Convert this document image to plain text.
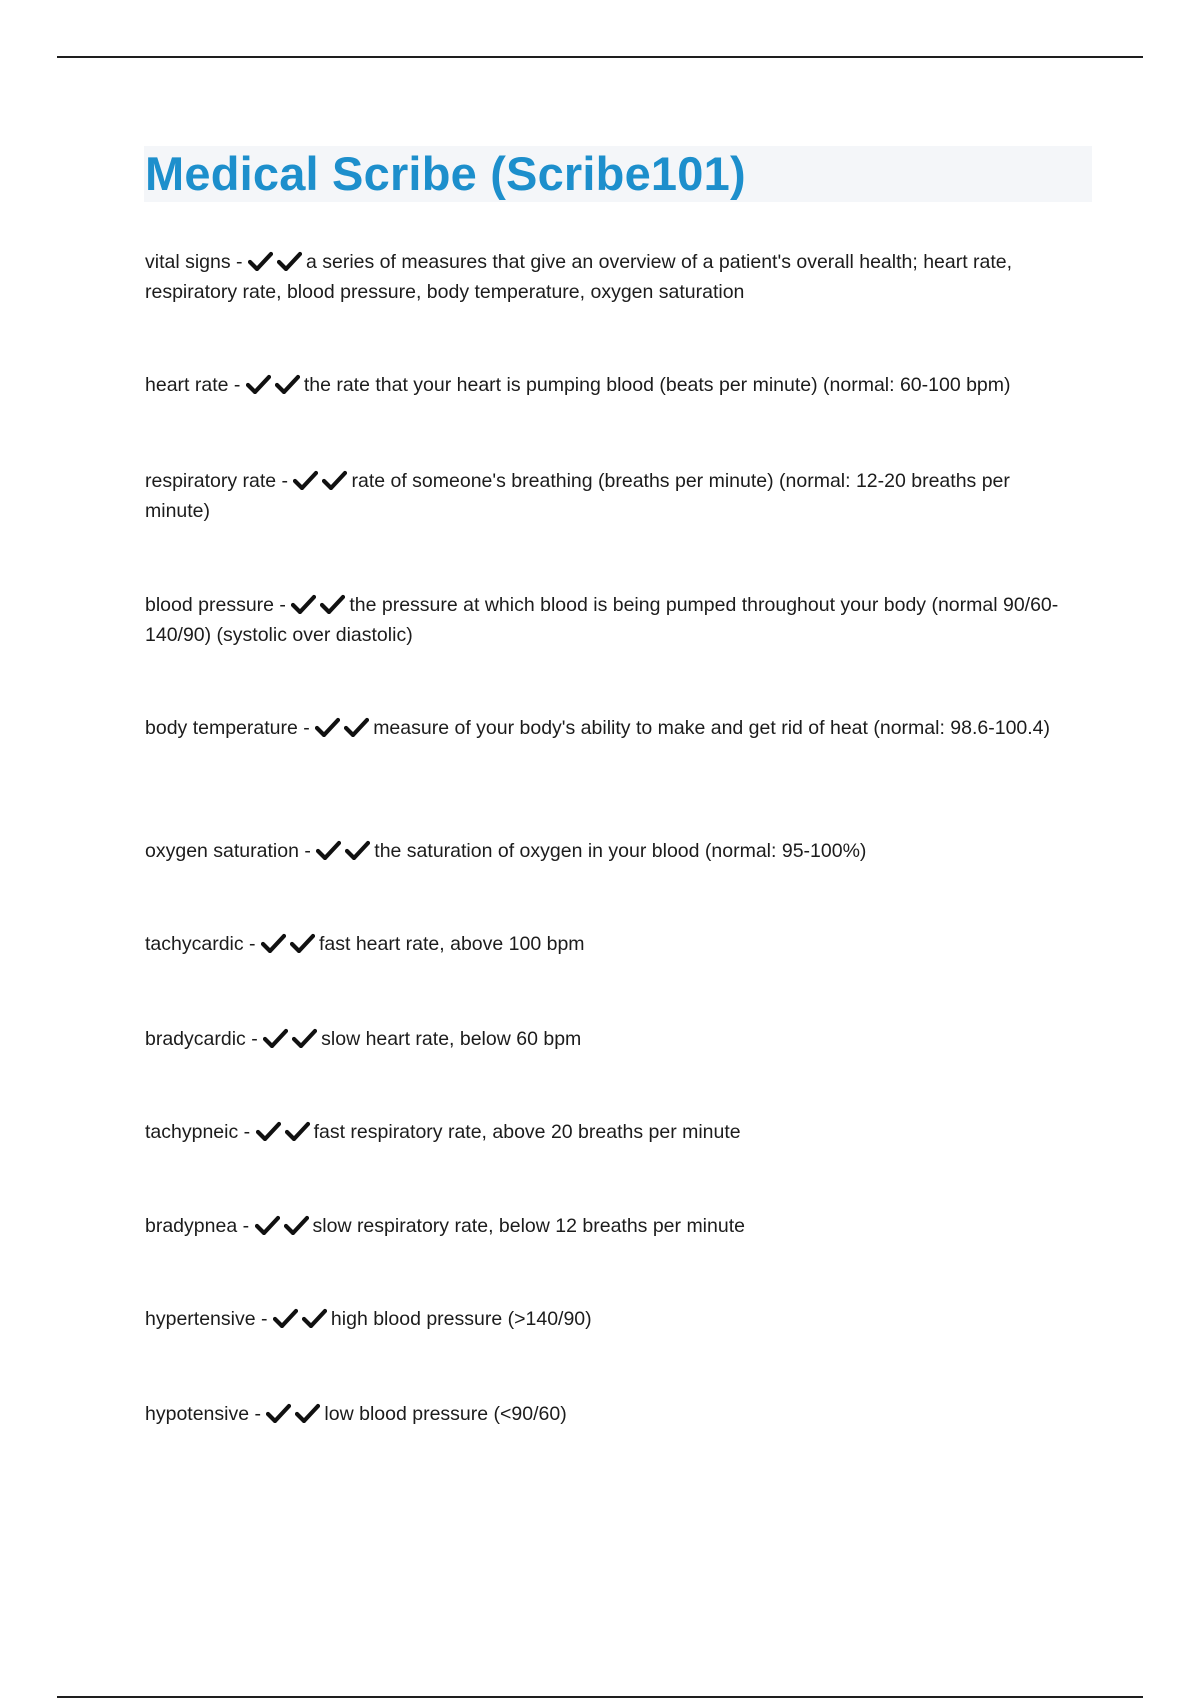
Medical Scribe (Scribe101)
vital signs -	a series of measures that give an overview of a patient's overall health; heart rate, respiratory rate, blood pressure, body temperature, oxygen saturation
heart rate -	the rate that your heart is pumping blood (beats per minute) (normal: 60-100 bpm)
respiratory rate -	rate of someone's breathing (breaths per minute) (normal: 12-20 breaths per minute)
blood pressure -	the pressure at which blood is being pumped throughout your body (normal 90/60-140/90) (systolic over diastolic)
body temperature -	measure of your body's ability to make and get rid of heat (normal: 98.6-100.4)
oxygen saturation -	the saturation of oxygen in your blood (normal: 95-100%)
tachycardic -	fast heart rate, above 100 bpm
bradycardic -	slow heart rate, below 60 bpm
tachypneic -	fast respiratory rate, above 20 breaths per minute
bradypnea -	slow respiratory rate, below 12 breaths per minute
hypertensive -	high blood pressure (>140/90)
hypotensive -	low blood pressure (<90/60)
